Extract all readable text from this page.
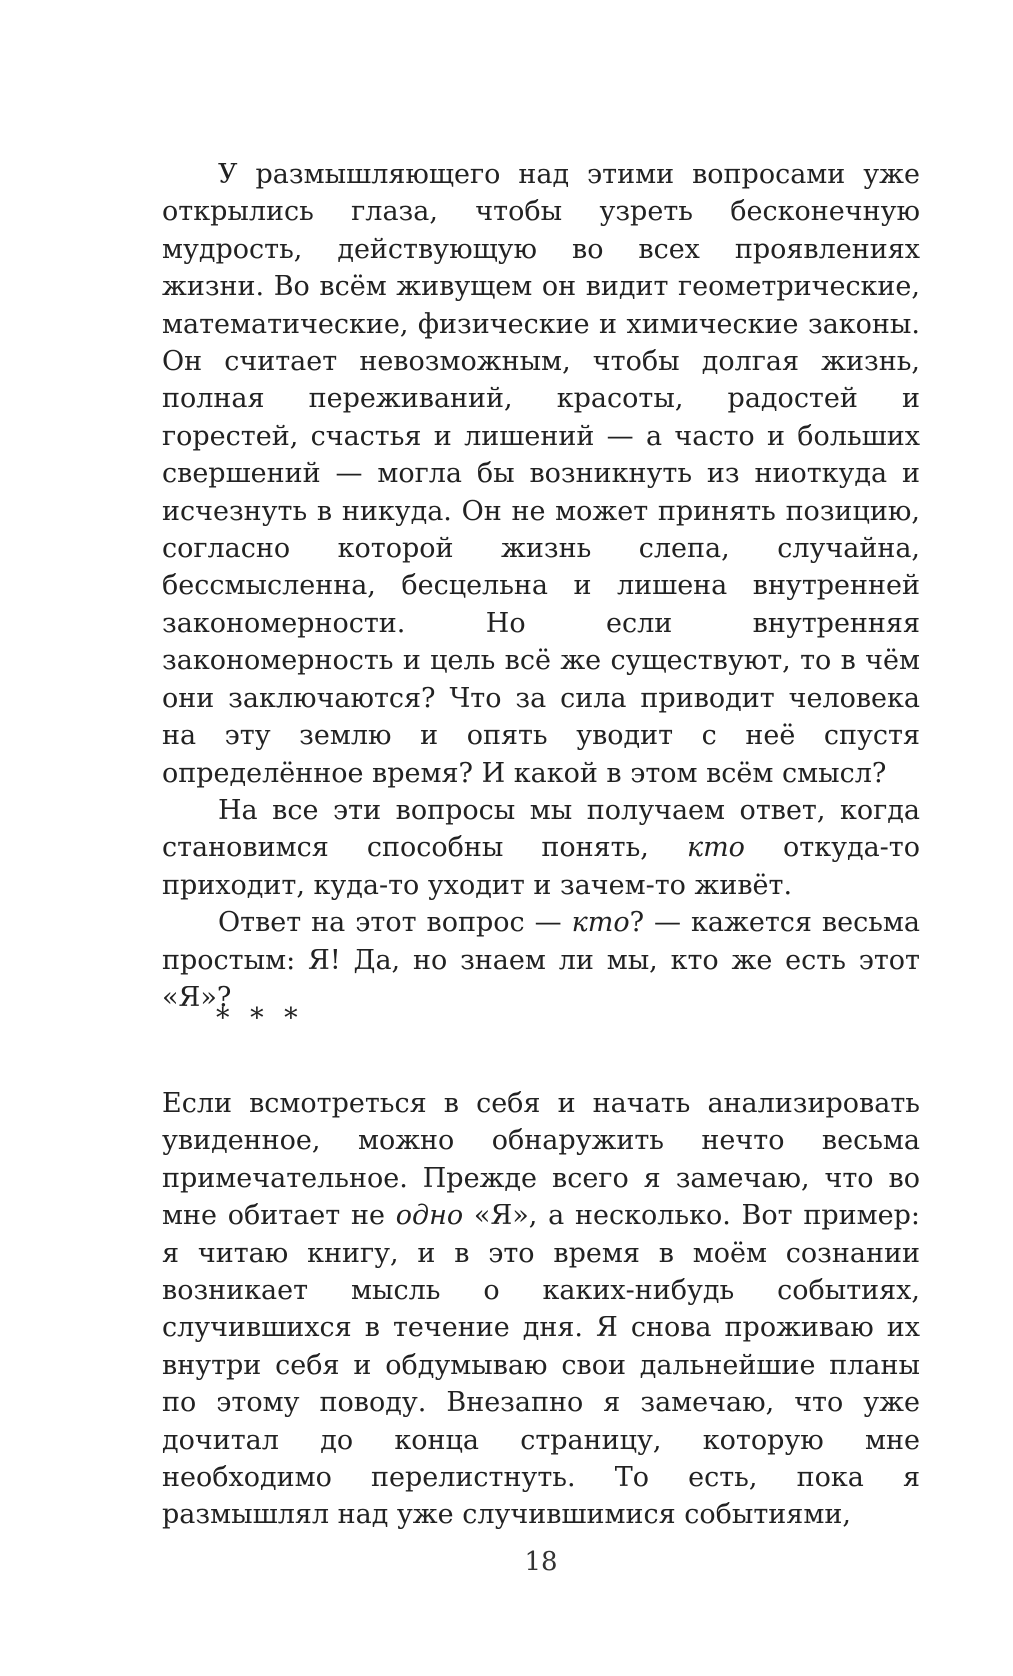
У размышляющего над этими вопросами уже открылись глаза, чтобы узреть бесконечную мудрость, действующую во всех проявлениях жизни. Во всём живущем он видит геометрические, математические, физические и химические законы. Он считает невозможным, чтобы долгая жизнь, полная переживаний, красоты, радостей и горестей, счастья и лишений — а часто и больших свершений — могла бы возникнуть из ниоткуда и исчезнуть в никуда. Он не может принять позицию, согласно которой жизнь слепа, случайна, бессмысленна, бесцельна и лишена внутренней закономерности. Но если внутренняя закономерность и цель всё же существуют, то в чём они заключаются? Что за сила приводит человека на эту землю и опять уводит с неё спустя определённое время? И какой в этом всём смысл?

На все эти вопросы мы получаем ответ, когда становимся способны понять, кто откуда-то приходит, куда-то уходит и зачем-то живёт.

Ответ на этот вопрос — кто? — кажется весьма простым: Я! Да, но знаем ли мы, кто же есть этот «Я»?

* * *

Если всмотреться в себя и начать анализировать увиденное, можно обнаружить нечто весьма примечательное. Прежде всего я замечаю, что во мне обитает не одно «Я», а несколько. Вот пример: я читаю книгу, и в это время в моём сознании возникает мысль о каких-нибудь событиях, случившихся в течение дня. Я снова проживаю их внутри себя и обдумываю свои дальнейшие планы по этому поводу. Внезапно я замечаю, что уже дочитал до конца страницу, которую мне необходимо перелистнуть. То есть, пока я размышлял над уже случившимися событиями,

18
